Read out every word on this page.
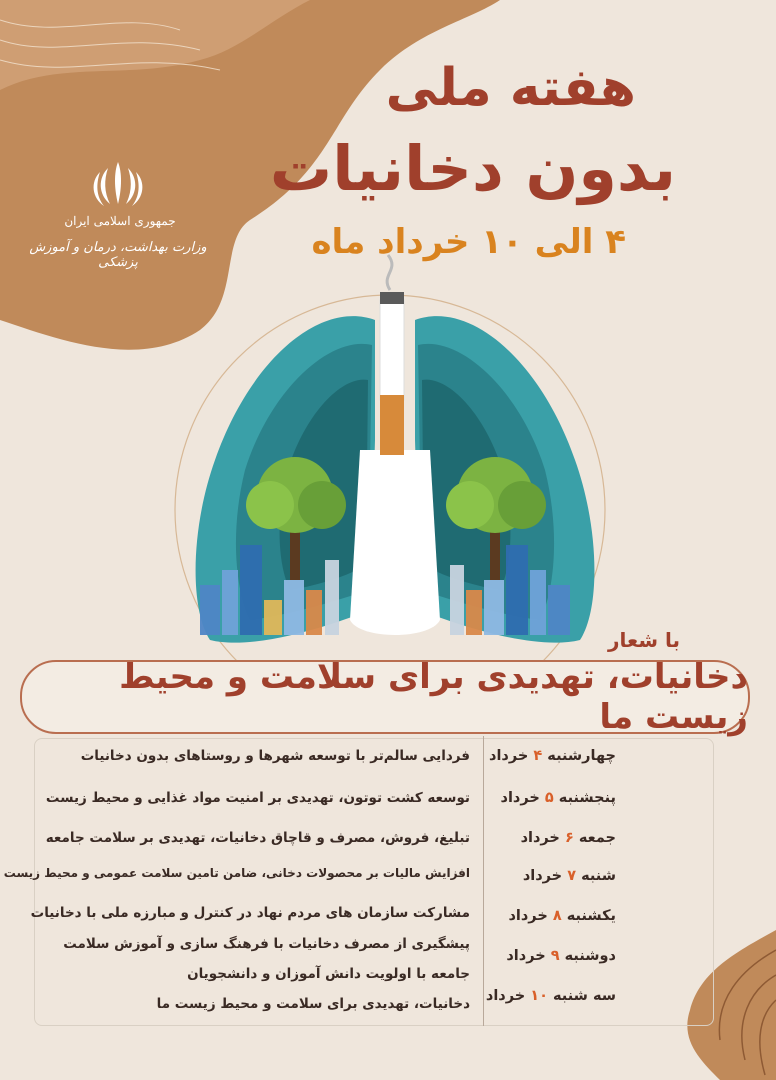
جمهوری اسلامی ایران
وزارت بهداشت، درمان و آموزش پزشکی
هفته ملی
بدون دخانیات
۴ الی ۱۰ خرداد ماه
با شعار
دخانیات، تهدیدی برای سلامت و محیط زیست ما
فردایی سالم‌تر با توسعه شهرها و روستاهای بدون دخانیات
توسعه کشت توتون، تهدیدی بر امنیت مواد غذایی و محیط زیست
تبلیغ، فروش، مصرف و قاچاق دخانیات، تهدیدی بر سلامت جامعه
افزایش مالیات بر محصولات دخانی، ضامن تامین سلامت عمومی و محیط زیست
مشارکت سازمان های مردم نهاد در کنترل و مبارزه ملی با دخانیات
پیشگیری از مصرف دخانیات با فرهنگ سازی و آموزش سلامت
جامعه با اولویت دانش آموزان و دانشجویان
دخانیات، تهدیدی برای سلامت و محیط زیست ما
چهارشنبه ۴ خرداد
پنجشنبه ۵ خرداد
جمعه ۶ خرداد
شنبه ۷ خرداد
یکشنبه ۸ خرداد
دوشنبه ۹ خرداد
سه شنبه ۱۰ خرداد
